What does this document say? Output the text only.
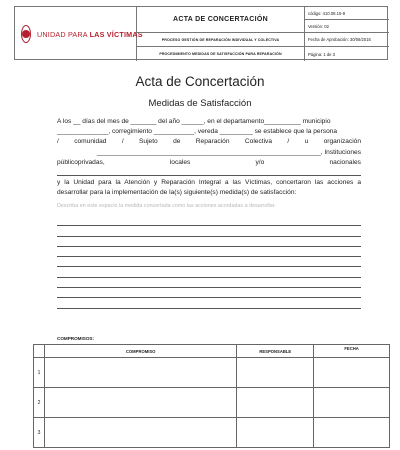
UNIDAD PARA LAS VÍCTIMAS
ACTA DE CONCERTACIÓN
PROCESO GESTIÓN DE REPARACIÓN INDIVIDUAL Y COLECTIVA
PROCEDIMIENTO MEDIDAS DE SATISFACCIÓN PARA REPARACIÓN
código: 410.08.15-8
Versión: 02
Fecha de Aprobación: 30/06/2016
Página: 1 de 3
Acta de Concertación
Medidas de Satisfacción
A los __ días del mes de _______ del año ______, en el departamento__________ municipio
______________, corregimiento ___________, vereda _________ se establece que la persona
/ comunidad / Sujeto de Reparación Colectiva / u organización
_____________________________________________________________, Instituciones
públicoprivadas,	locales	y/o	nacionales

y la Unidad para la Atención y Reparación Integral a las Víctimas, concertaron las acciones a desarrollar para la implementación de la(s) siguiente(s) medida(s) de satisfacción:

Describa en este espacio la medida concertada como las acciones acordadas a desarrollar.
COMPROMISOS:
	COMPROMISO	RESPONSABLE	FECHA
1			
2			
3			
